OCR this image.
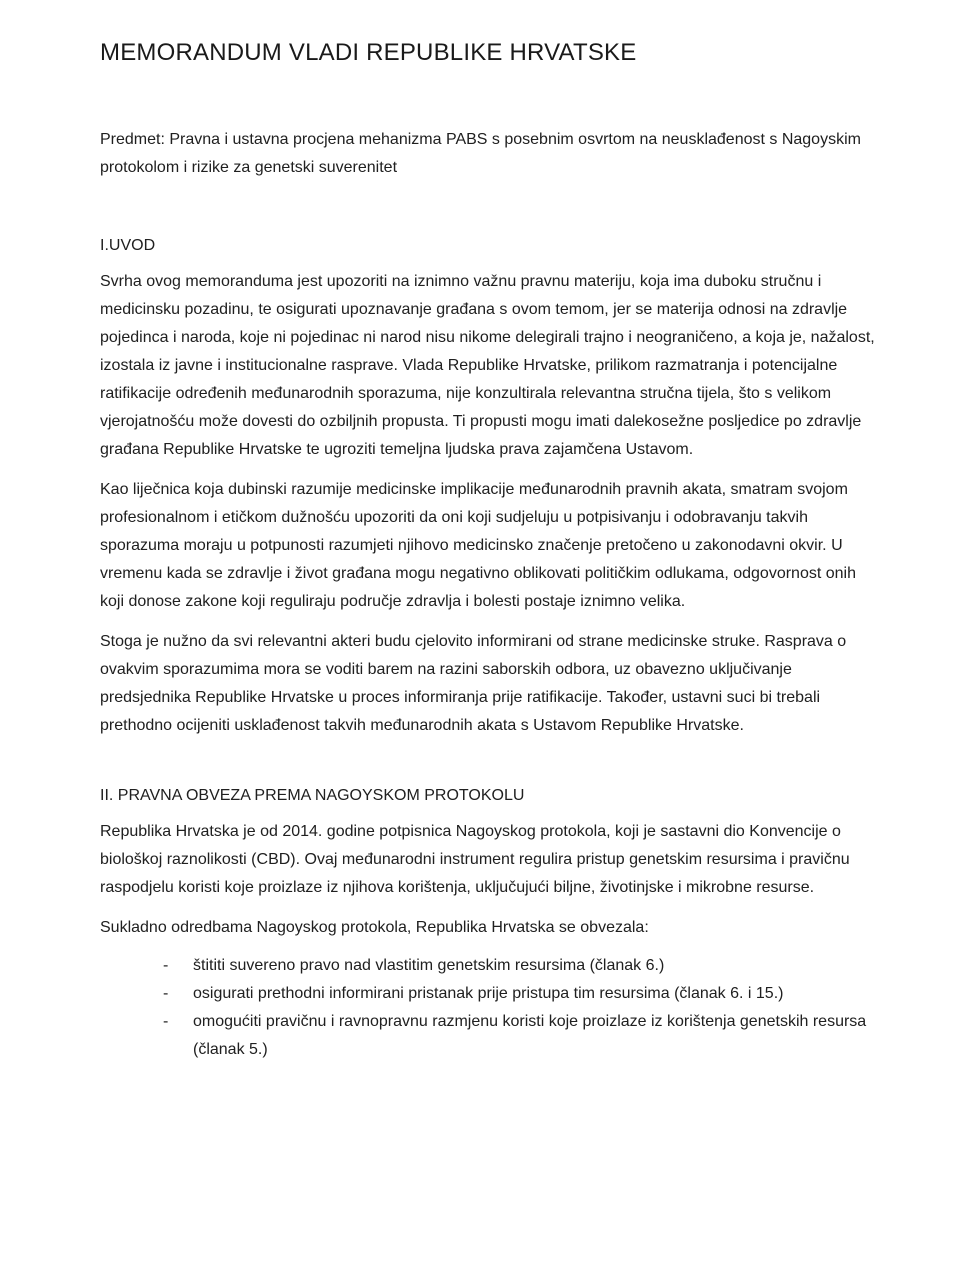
MEMORANDUM VLADI REPUBLIKE HRVATSKE

Predmet: Pravna i ustavna procjena mehanizma PABS s posebnim osvrtom na neusklađenost s Nagoyskim protokolom i rizike za genetski suverenitet

I.UVOD

Svrha ovog memoranduma jest upozoriti na iznimno važnu pravnu materiju, koja ima duboku stručnu i medicinsku pozadinu, te osigurati upoznavanje građana s ovom temom, jer se materija odnosi na zdravlje pojedinca i naroda, koje ni pojedinac ni narod nisu nikome delegirali trajno i neograničeno, a koja je, nažalost, izostala iz javne i institucionalne rasprave. Vlada Republike Hrvatske, prilikom razmatranja i potencijalne ratifikacije određenih međunarodnih sporazuma, nije konzultirala relevantna stručna tijela, što s velikom vjerojatnošću može dovesti do ozbiljnih propusta. Ti propusti mogu imati dalekosežne posljedice po zdravlje građana Republike Hrvatske te ugroziti temeljna ljudska prava zajamčena Ustavom.

Kao liječnica koja dubinski razumije medicinske implikacije međunarodnih pravnih akata, smatram svojom profesionalnom i etičkom dužnošću upozoriti da oni koji sudjeluju u potpisivanju i odobravanju takvih sporazuma moraju u potpunosti razumjeti njihovo medicinsko značenje pretočeno u zakonodavni okvir. U vremenu kada se zdravlje i život građana mogu negativno oblikovati političkim odlukama, odgovornost onih koji donose zakone koji reguliraju područje zdravlja i bolesti postaje iznimno velika.

Stoga je nužno da svi relevantni akteri budu cjelovito informirani od strane medicinske struke. Rasprava o ovakvim sporazumima mora se voditi barem na razini saborskih odbora, uz obavezno uključivanje predsjednika Republike Hrvatske u proces informiranja prije ratifikacije. Također, ustavni suci bi trebali prethodno ocijeniti usklađenost takvih međunarodnih akata s Ustavom Republike Hrvatske.

II. PRAVNA OBVEZA PREMA NAGOYSKOM PROTOKOLU

Republika Hrvatska je od 2014. godine potpisnica Nagoyskog protokola, koji je sastavni dio Konvencije o biološkoj raznolikosti (CBD). Ovaj međunarodni instrument regulira pristup genetskim resursima i pravičnu raspodjelu koristi koje proizlaze iz njihova korištenja, uključujući biljne, životinjske i mikrobne resurse.

Sukladno odredbama Nagoyskog protokola, Republika Hrvatska se obvezala:

-	štititi suvereno pravo nad vlastitim genetskim resursima (članak 6.)
-	osigurati prethodni informirani pristanak prije pristupa tim resursima (članak 6. i 15.)
-	omogućiti pravičnu i ravnopravnu razmjenu koristi koje proizlaze iz korištenja genetskih resursa (članak 5.)
